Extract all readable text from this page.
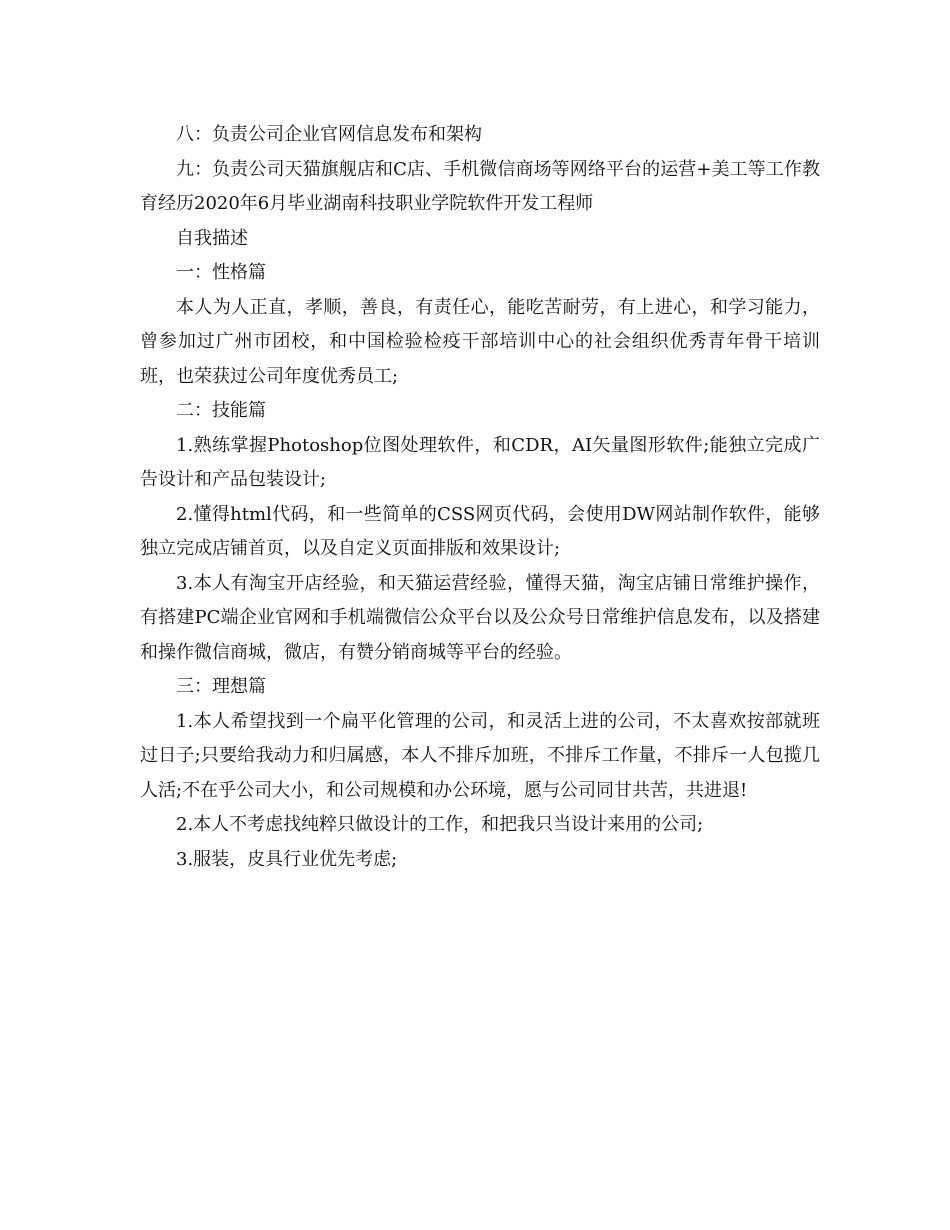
八：负责公司企业官网信息发布和架构

九：负责公司天猫旗舰店和C店、手机微信商场等网络平台的运营+美工等工作教育经历2020年6月毕业湖南科技职业学院软件开发工程师

自我描述

一：性格篇

本人为人正直，孝顺，善良，有责任心，能吃苦耐劳，有上进心，和学习能力，曾参加过广州市团校，和中国检验检疫干部培训中心的社会组织优秀青年骨干培训班，也荣获过公司年度优秀员工;

二：技能篇

1.熟练掌握Photoshop位图处理软件，和CDR，AI矢量图形软件;能独立完成广告设计和产品包装设计;

2.懂得html代码，和一些简单的CSS网页代码，会使用DW网站制作软件，能够独立完成店铺首页，以及自定义页面排版和效果设计;

3.本人有淘宝开店经验，和天猫运营经验，懂得天猫，淘宝店铺日常维护操作，有搭建PC端企业官网和手机端微信公众平台以及公众号日常维护信息发布，以及搭建和操作微信商城，微店，有赞分销商城等平台的经验。

三：理想篇

1.本人希望找到一个扁平化管理的公司，和灵活上进的公司，不太喜欢按部就班过日子;只要给我动力和归属感，本人不排斥加班，不排斥工作量，不排斥一人包揽几人活;不在乎公司大小，和公司规模和办公环境，愿与公司同甘共苦，共进退!

2.本人不考虑找纯粹只做设计的工作，和把我只当设计来用的公司;

3.服装，皮具行业优先考虑;
